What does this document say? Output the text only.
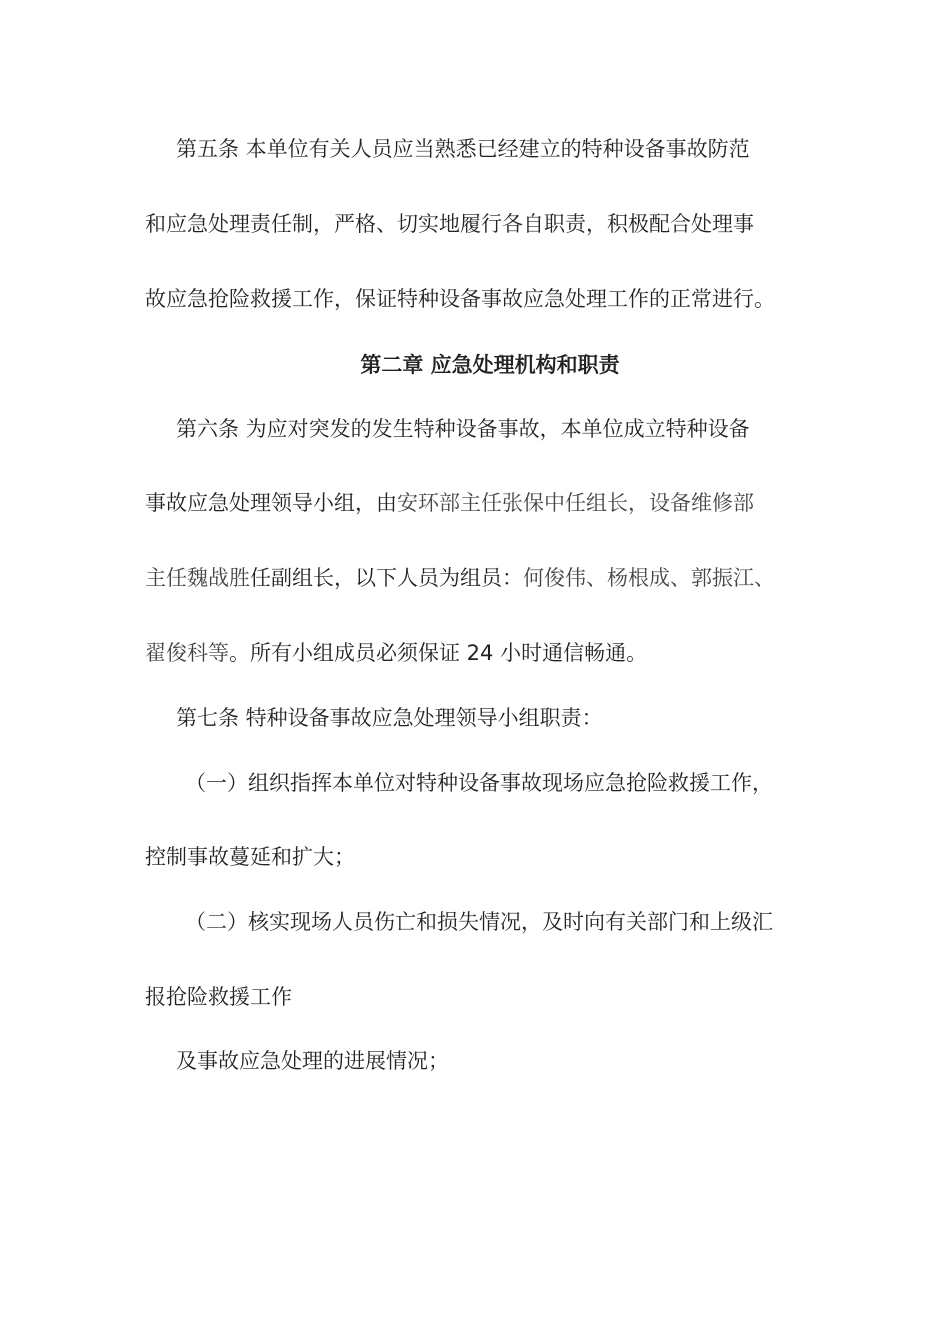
第五条 本单位有关人员应当熟悉已经建立的特种设备事故防范
和应急处理责任制，严格、切实地履行各自职责，积极配合处理事
故应急抢险救援工作，保证特种设备事故应急处理工作的正常进行。
第二章 应急处理机构和职责
第六条 为应对突发的发生特种设备事故，本单位成立特种设备
事故应急处理领导小组，由安环部主任张保中任组长，设备维修部
主任魏战胜任副组长，以下人员为组员：何俊伟、杨根成、郭振江、
翟俊科等。所有小组成员必须保证 24 小时通信畅通。
第七条 特种设备事故应急处理领导小组职责：
（一）组织指挥本单位对特种设备事故现场应急抢险救援工作，
控制事故蔓延和扩大；
（二）核实现场人员伤亡和损失情况，及时向有关部门和上级汇
报抢险救援工作
及事故应急处理的进展情况；
